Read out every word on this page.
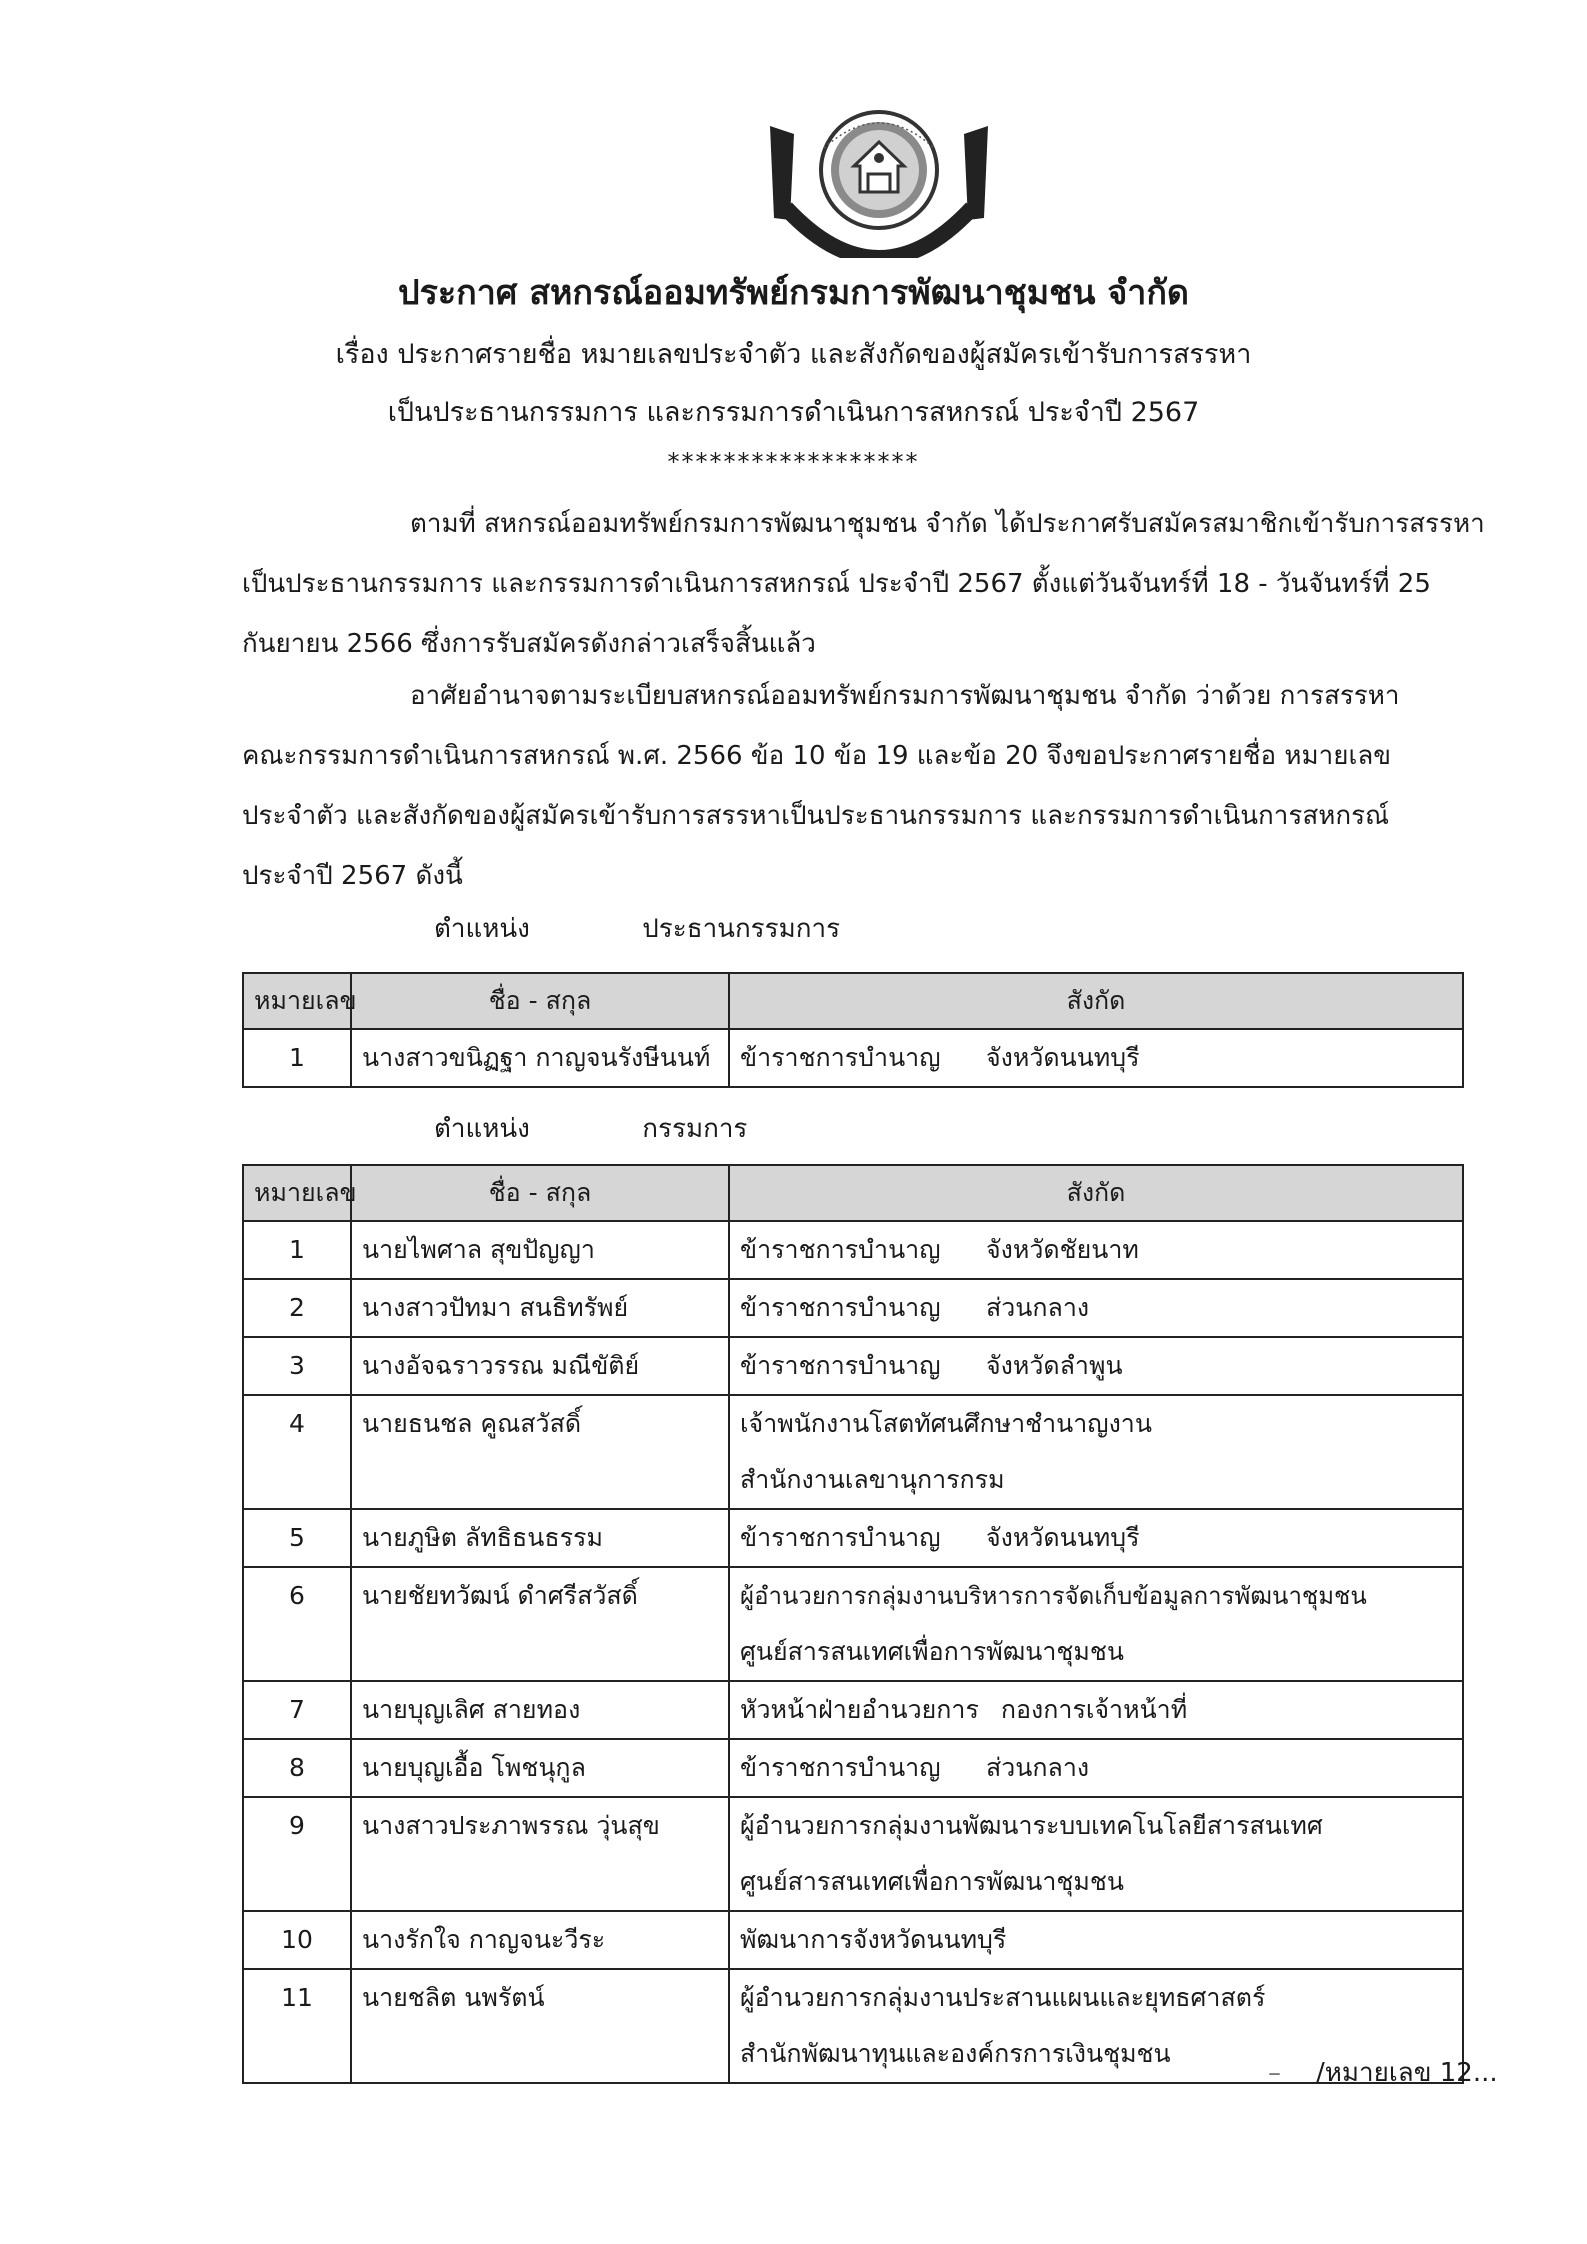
ประกาศ สหกรณ์ออมทรัพย์กรมการพัฒนาชุมชน จำกัด
เรื่อง ประกาศรายชื่อ หมายเลขประจำตัว และสังกัดของผู้สมัครเข้ารับการสรรหา
เป็นประธานกรรมการ และกรรมการดำเนินการสหกรณ์ ประจำปี 2567
******************
ตามที่ สหกรณ์ออมทรัพย์กรมการพัฒนาชุมชน จำกัด ได้ประกาศรับสมัครสมาชิกเข้ารับการสรรหา
เป็นประธานกรรมการ และกรรมการดำเนินการสหกรณ์ ประจำปี 2567 ตั้งแต่วันจันทร์ที่ 18 - วันจันทร์ที่ 25
กันยายน 2566 ซึ่งการรับสมัครดังกล่าวเสร็จสิ้นแล้ว
อาศัยอำนาจตามระเบียบสหกรณ์ออมทรัพย์กรมการพัฒนาชุมชน จำกัด ว่าด้วย การสรรหา
คณะกรรมการดำเนินการสหกรณ์ พ.ศ. 2566 ข้อ 10 ข้อ 19 และข้อ 20 จึงขอประกาศรายชื่อ หมายเลข
ประจำตัว และสังกัดของผู้สมัครเข้ารับการสรรหาเป็นประธานกรรมการ และกรรมการดำเนินการสหกรณ์
ประจำปี 2567 ดังนี้
ตำแหน่ง	ประธานกรรมการ
หมายเลข	ชื่อ - สกุล	สังกัด
1	นางสาวขนิฏฐา กาญจนรังษีนนท์	ข้าราชการบำนาญ จังหวัดนนทบุรี
ตำแหน่ง	กรรมการ
หมายเลข	ชื่อ - สกุล	สังกัด
1	นายไพศาล สุขปัญญา	ข้าราชการบำนาญ จังหวัดชัยนาท
2	นางสาวปัทมา สนธิทรัพย์	ข้าราชการบำนาญ ส่วนกลาง
3	นางอัจฉราวรรณ มณีขัติย์	ข้าราชการบำนาญ จังหวัดลำพูน
4	นายธนชล คูณสวัสดิ์	เจ้าพนักงานโสตทัศนศึกษาชำนาญงาน
สำนักงานเลขานุการกรม

5	นายภูษิต ลัทธิธนธรรม	ข้าราชการบำนาญ จังหวัดนนทบุรี
6	นายชัยทวัฒน์ ดำศรีสวัสดิ์	ผู้อำนวยการกลุ่มงานบริหารการจัดเก็บข้อมูลการพัฒนาชุมชน
ศูนย์สารสนเทศเพื่อการพัฒนาชุมชน

7	นายบุญเลิศ สายทอง	หัวหน้าฝ่ายอำนวยการ กองการเจ้าหน้าที่
8	นายบุญเอื้อ โพชนุกูล	ข้าราชการบำนาญ ส่วนกลาง
9	นางสาวประภาพรรณ วุ่นสุข	ผู้อำนวยการกลุ่มงานพัฒนาระบบเทคโนโลยีสารสนเทศ
ศูนย์สารสนเทศเพื่อการพัฒนาชุมชน

10	นางรักใจ กาญจนะวีระ	พัฒนาการจังหวัดนนทบุรี

11	นายชลิต นพรัตน์	ผู้อำนวยการกลุ่มงานประสานแผนและยุทธศาสตร์
สำนักพัฒนาทุนและองค์กรการเงินชุมชน
– /หมายเลข 12...
